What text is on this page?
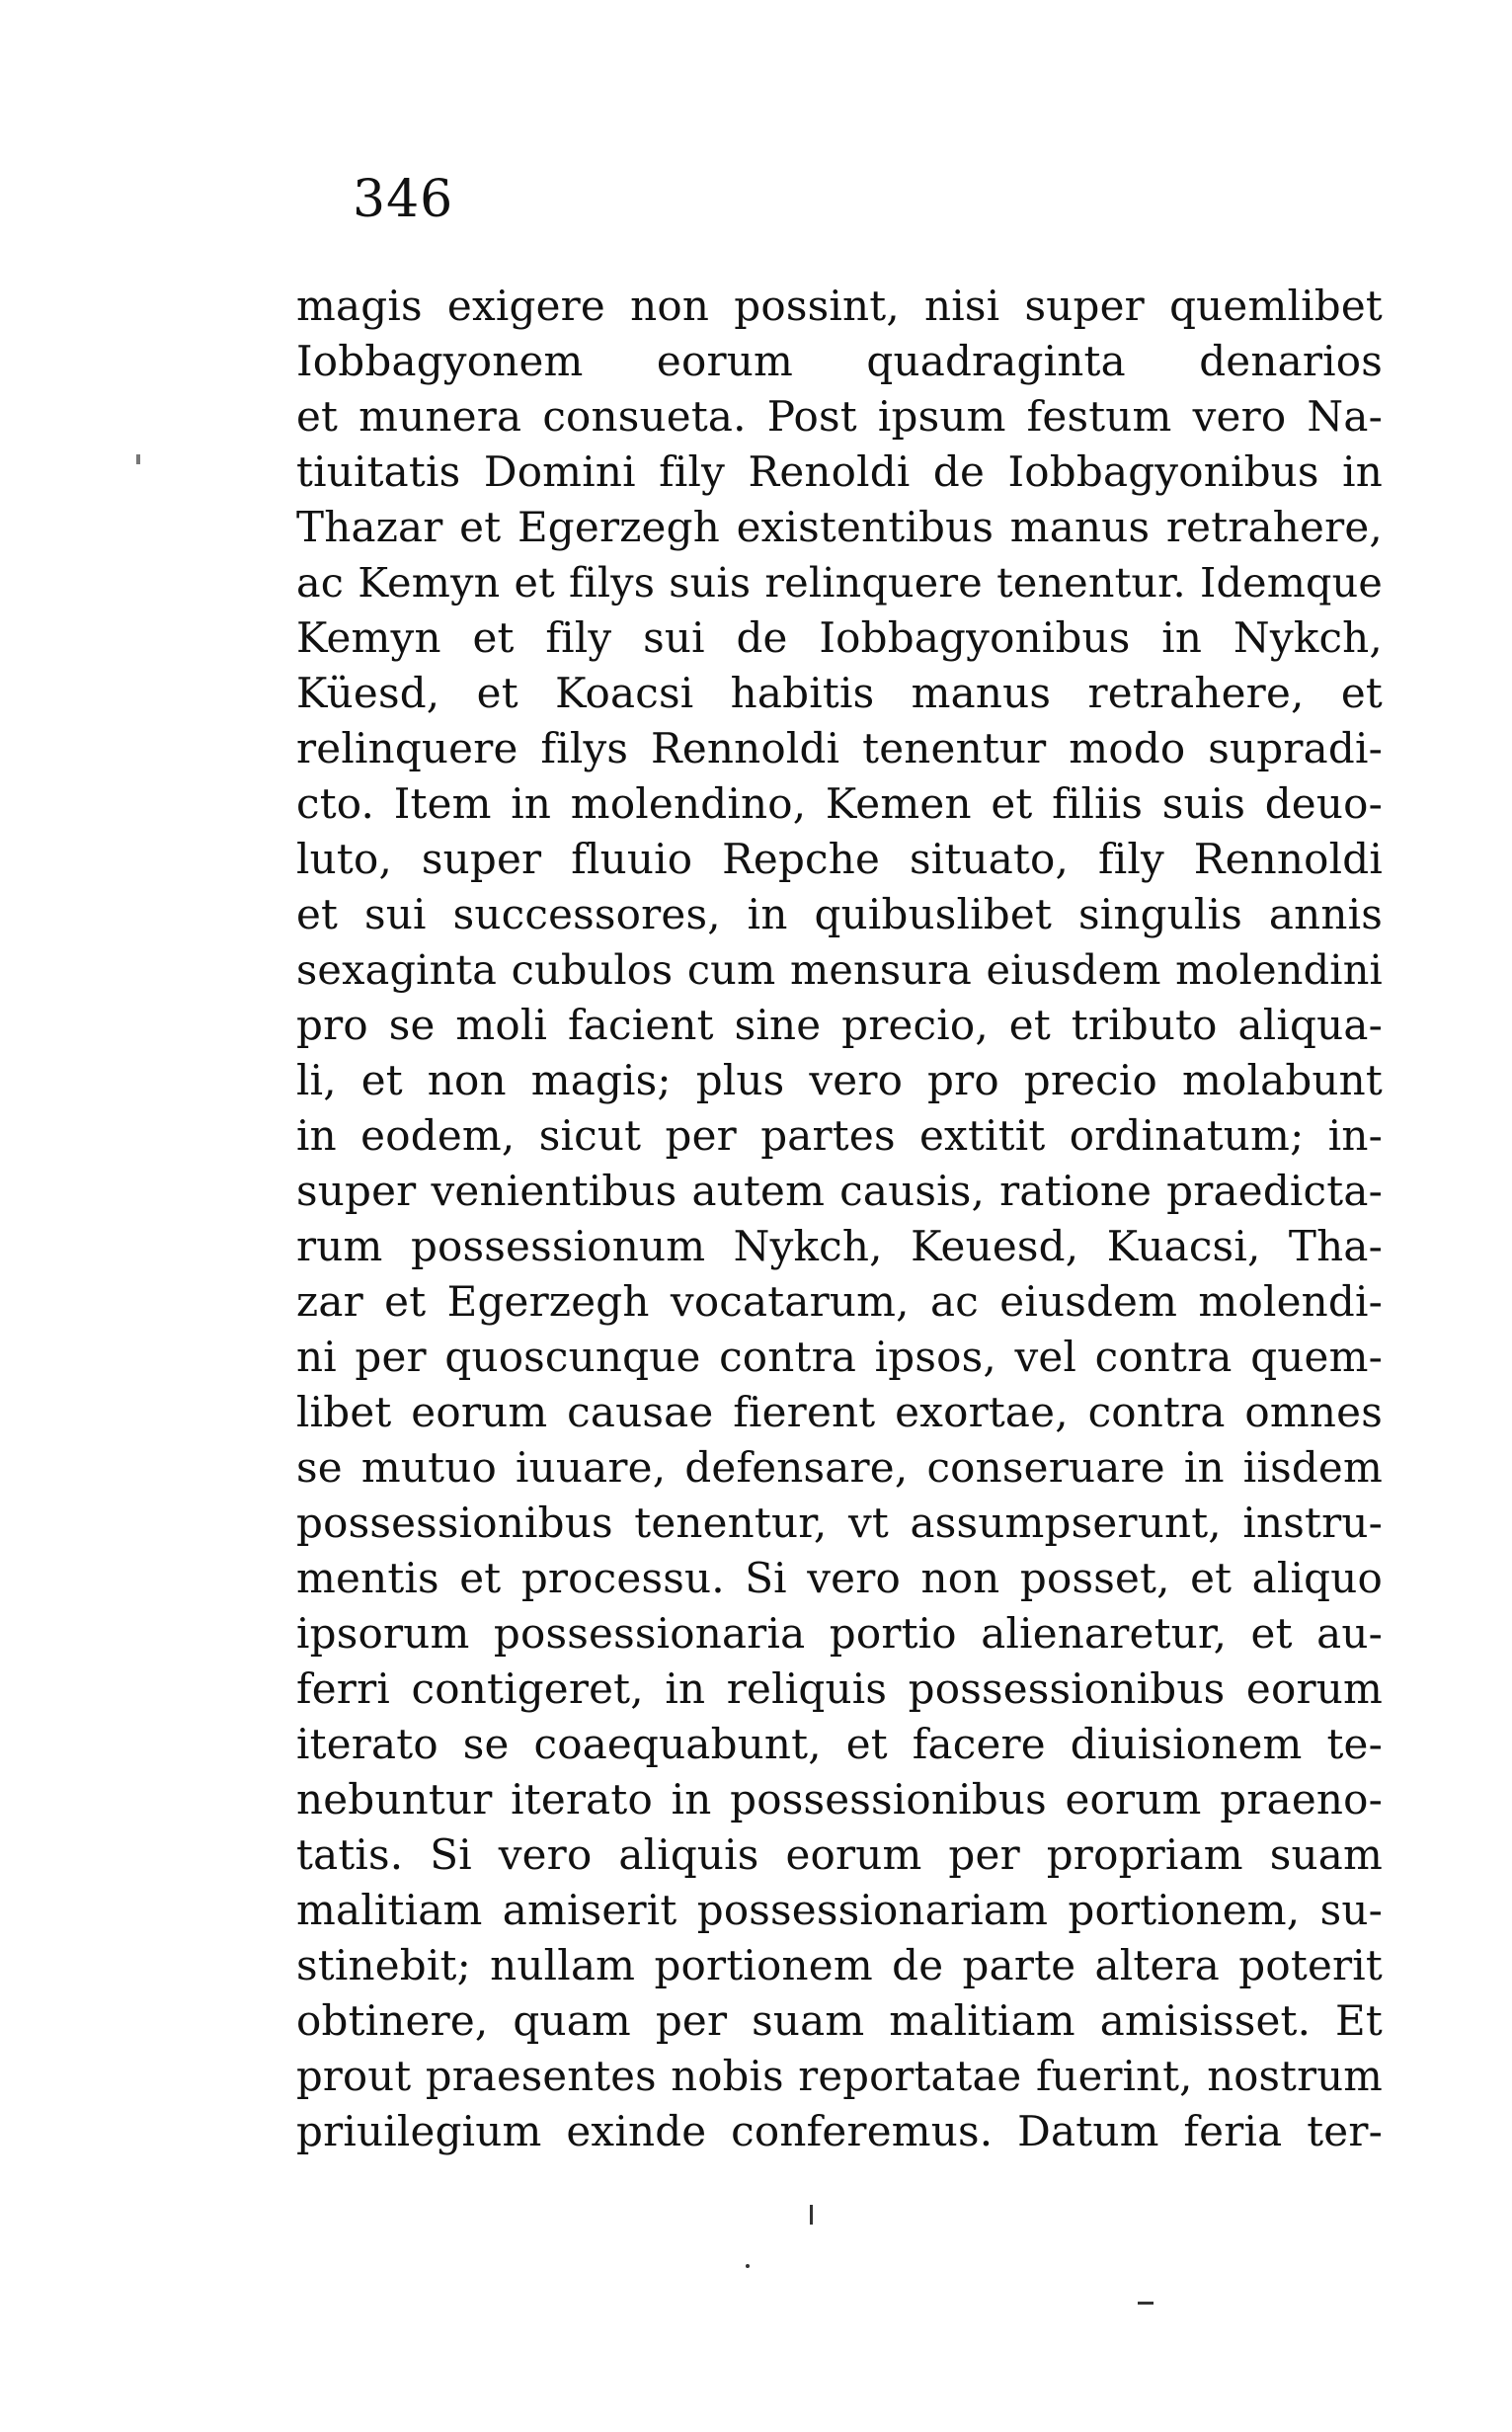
346
magis exigere non possint, nisi super quemlibet
Iobbagyonem eorum quadraginta denarios
et munera consueta. Post ipsum festum vero Na-
tiuitatis Domini fily Renoldi de Iobbagyonibus in
Thazar et Egerzegh existentibus manus retrahere,
ac Kemyn et filys suis relinquere tenentur. Idemque
Kemyn et fily sui de Iobbagyonibus in Nykch,
Küesd, et Koacsi habitis manus retrahere, et
relinquere filys Rennoldi tenentur modo supradi-
cto. Item in molendino, Kemen et filiis suis deuo-
luto, super fluuio Repche situato, fily Rennoldi
et sui successores, in quibuslibet singulis annis
sexaginta cubulos cum mensura eiusdem molendini
pro se moli facient sine precio, et tributo aliqua-
li, et non magis; plus vero pro precio molabunt
in eodem, sicut per partes extitit ordinatum; in-
super venientibus autem causis, ratione praedicta-
rum possessionum Nykch, Keuesd, Kuacsi, Tha-
zar et Egerzegh vocatarum, ac eiusdem molendi-
ni per quoscunque contra ipsos, vel contra quem-
libet eorum causae fierent exortae, contra omnes
se mutuo iuuare, defensare, conseruare in iisdem
possessionibus tenentur, vt assumpserunt, instru-
mentis et processu. Si vero non posset, et aliquo
ipsorum possessionaria portio alienaretur, et au-
ferri contigeret, in reliquis possessionibus eorum
iterato se coaequabunt, et facere diuisionem te-
nebuntur iterato in possessionibus eorum praeno-
tatis. Si vero aliquis eorum per propriam suam
malitiam amiserit possessionariam portionem, su-
stinebit; nullam portionem de parte altera poterit
obtinere, quam per suam malitiam amisisset. Et
prout praesentes nobis reportatae fuerint, nostrum
priuilegium exinde conferemus. Datum feria ter-
